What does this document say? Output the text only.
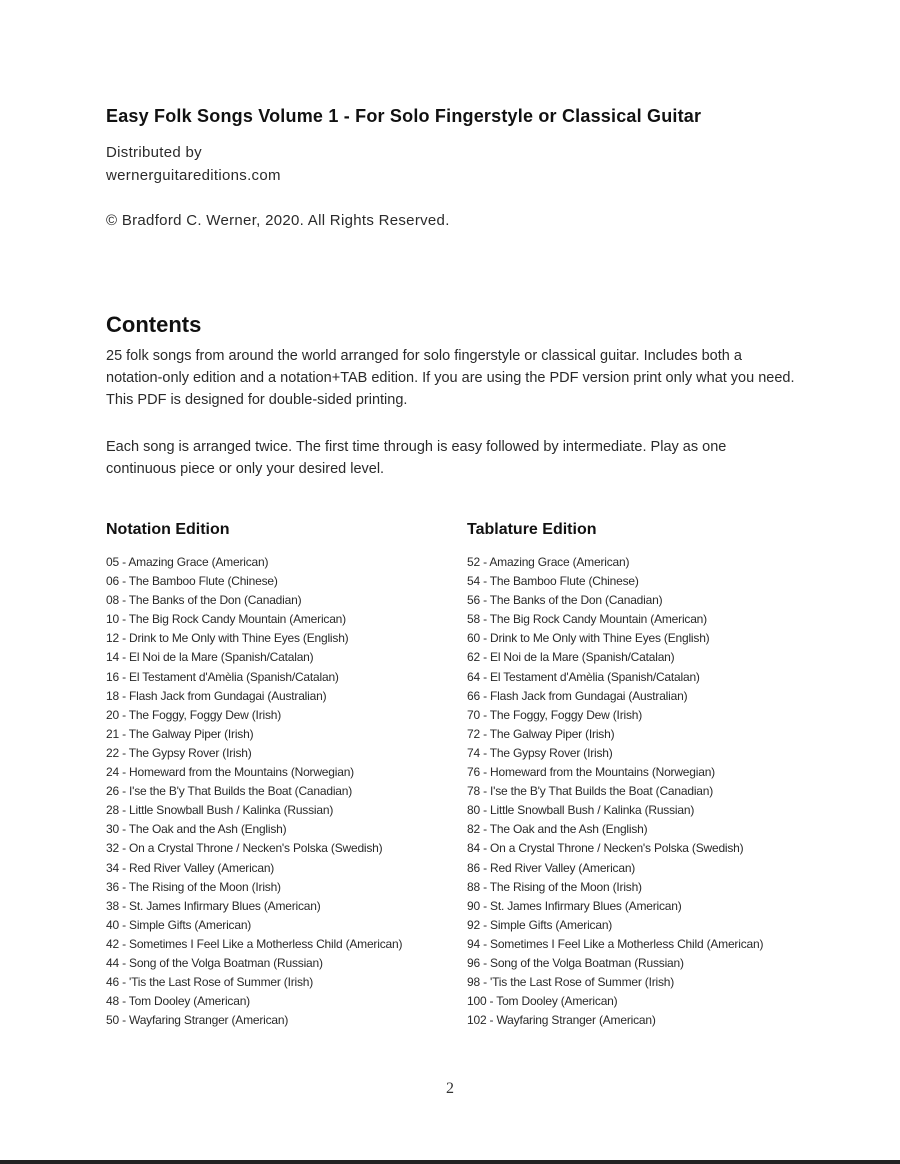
Easy Folk Songs Volume 1 - For Solo Fingerstyle or Classical Guitar
Distributed by
wernerguitareditions.com
© Bradford C. Werner, 2020. All Rights Reserved.
Contents
25 folk songs from around the world arranged for solo fingerstyle or classical guitar. Includes both a notation-only edition and a notation+TAB edition. If you are using the PDF version print only what you need. This PDF is designed for double-sided printing.
Each song is arranged twice. The first time through is easy followed by intermediate. Play as one continuous piece or only your desired level.
Notation Edition
05 - Amazing Grace (American)
06 - The Bamboo Flute (Chinese)
08 - The Banks of the Don (Canadian)
10 - The Big Rock Candy Mountain (American)
12 - Drink to Me Only with Thine Eyes (English)
14 - El Noi de la Mare (Spanish/Catalan)
16 - El Testament d'Amèlia (Spanish/Catalan)
18 - Flash Jack from Gundagai (Australian)
20 - The Foggy, Foggy Dew (Irish)
21 - The Galway Piper (Irish)
22 - The Gypsy Rover (Irish)
24 - Homeward from the Mountains (Norwegian)
26 - I'se the B'y That Builds the Boat (Canadian)
28 - Little Snowball Bush / Kalinka (Russian)
30 - The Oak and the Ash (English)
32 - On a Crystal Throne / Necken's Polska (Swedish)
34 - Red River Valley (American)
36 - The Rising of the Moon (Irish)
38 - St. James Infirmary Blues (American)
40 - Simple Gifts (American)
42 - Sometimes I Feel Like a Motherless Child (American)
44 - Song of the Volga Boatman (Russian)
46 - 'Tis the Last Rose of Summer (Irish)
48 - Tom Dooley (American)
50 - Wayfaring Stranger (American)
Tablature Edition
52 - Amazing Grace (American)
54 - The Bamboo Flute (Chinese)
56 - The Banks of the Don (Canadian)
58 - The Big Rock Candy Mountain (American)
60 - Drink to Me Only with Thine Eyes (English)
62 - El Noi de la Mare (Spanish/Catalan)
64 - El Testament d'Amèlia (Spanish/Catalan)
66 - Flash Jack from Gundagai (Australian)
70 - The Foggy, Foggy Dew (Irish)
72 - The Galway Piper (Irish)
74 - The Gypsy Rover (Irish)
76 - Homeward from the Mountains (Norwegian)
78 - I'se the B'y That Builds the Boat (Canadian)
80 - Little Snowball Bush / Kalinka (Russian)
82 - The Oak and the Ash (English)
84 - On a Crystal Throne / Necken's Polska (Swedish)
86 - Red River Valley (American)
88 - The Rising of the Moon (Irish)
90 - St. James Infirmary Blues (American)
92 - Simple Gifts (American)
94 - Sometimes I Feel Like a Motherless Child (American)
96 - Song of the Volga Boatman (Russian)
98 - 'Tis the Last Rose of Summer (Irish)
100 - Tom Dooley (American)
102 - Wayfaring Stranger (American)
2
